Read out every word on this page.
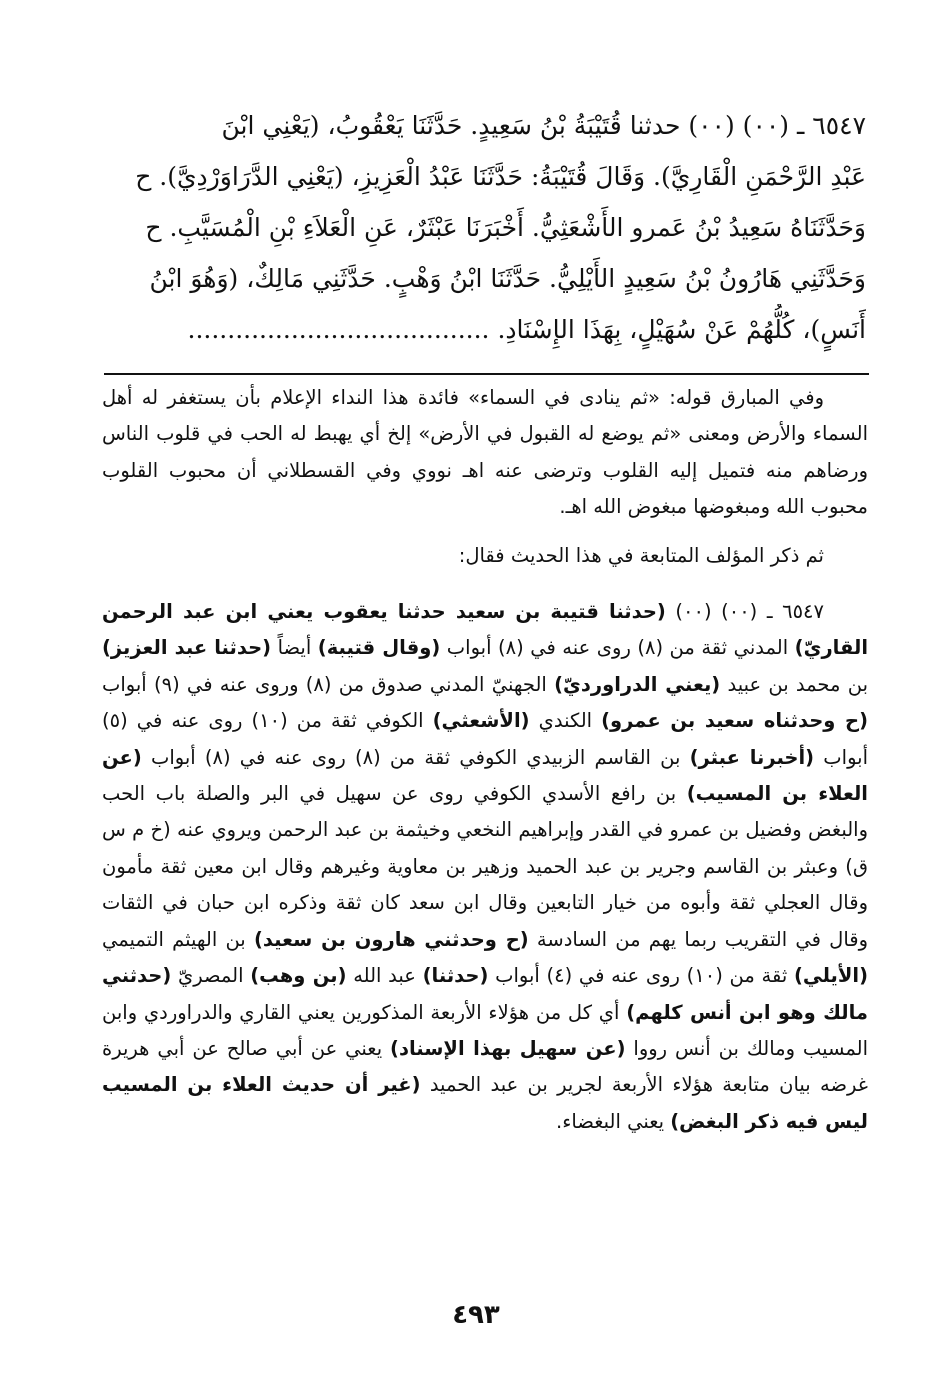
٦٥٤٧ ـ (٠٠) (٠٠) حدثنا قُتَيْبَةُ بْنُ سَعِيدٍ. حَدَّثَنَا يَعْقُوبُ، (يَعْنِي ابْنَ
عَبْدِ الرَّحْمَنِ الْقَارِيَّ). وَقَالَ قُتَيْبَةُ: حَدَّثَنَا عَبْدُ الْعَزِيزِ، (يَعْنِي الدَّرَاوَرْدِيَّ). ح
وَحَدَّثَنَاهُ سَعِيدُ بْنُ عَمرو الأَشْعَثِيُّ. أَخْبَرَنَا عَبْثَرٌ، عَنِ الْعَلاَءِ بْنِ الْمُسَيَّبِ. ح
وَحَدَّثَنِي هَارُونُ بْنُ سَعِيدٍ الأَيْلِيُّ. حَدَّثَنَا ابْنُ وَهْبٍ. حَدَّثَنِي مَالِكٌ، (وَهُوَ ابْنُ
أَنَسٍ)، كُلُّهُمْ عَنْ سُهَيْلٍ، بِهَذَا الإِسْنَادِ. ......................................

وفي المبارق قوله: «ثم ينادى في السماء» فائدة هذا النداء الإعلام بأن يستغفر له أهل السماء والأرض ومعنى «ثم يوضع له القبول في الأرض» إلخ أي يهبط له الحب في قلوب الناس ورضاهم منه فتميل إليه القلوب وترضى عنه اهـ نووي وفي القسطلاني أن محبوب القلوب محبوب الله ومبغوضها مبغوض الله اهـ.

ثم ذكر المؤلف المتابعة في هذا الحديث فقال:

٦٥٤٧ ـ (٠٠) (٠٠) (حدثنا قتيبة بن سعيد حدثنا يعقوب يعني ابن عبد الرحمن القاريّ) المدني ثقة من (٨) روى عنه في (٨) أبواب (وقال قتيبة) أيضاً (حدثنا عبد العزيز) بن محمد بن عبيد (يعني الدراورديّ) الجهنيّ المدني صدوق من (٨) وروى عنه في (٩) أبواب (ح وحدثناه سعيد بن عمرو) الكندي (الأشعثي) الكوفي ثقة من (١٠) روى عنه في (٥) أبواب (أخبرنا عبثر) بن القاسم الزبيدي الكوفي ثقة من (٨) روى عنه في (٨) أبواب (عن العلاء بن المسيب) بن رافع الأسدي الكوفي روى عن سهيل في البر والصلة باب الحب والبغض وفضيل بن عمرو في القدر وإبراهيم النخعي وخيثمة بن عبد الرحمن ويروي عنه (خ م س ق) وعبثر بن القاسم وجرير بن عبد الحميد وزهير بن معاوية وغيرهم وقال ابن معين ثقة مأمون وقال العجلي ثقة وأبوه من خيار التابعين وقال ابن سعد كان ثقة وذكره ابن حبان في الثقات وقال في التقريب ربما يهم من السادسة (ح وحدثني هارون بن سعيد) بن الهيثم التميمي (الأيلي) ثقة من (١٠) روى عنه في (٤) أبواب (حدثنا) عبد الله (بن وهب) المصريّ (حدثني مالك وهو ابن أنس كلهم) أي كل من هؤلاء الأربعة المذكورين يعني القاري والدراوردي وابن المسيب ومالك بن أنس رووا (عن سهيل بهذا الإسناد) يعني عن أبي صالح عن أبي هريرة غرضه بيان متابعة هؤلاء الأربعة لجرير بن عبد الحميد (غير أن حديث العلاء بن المسيب ليس فيه ذكر البغض) يعني البغضاء.

٤٩٣
